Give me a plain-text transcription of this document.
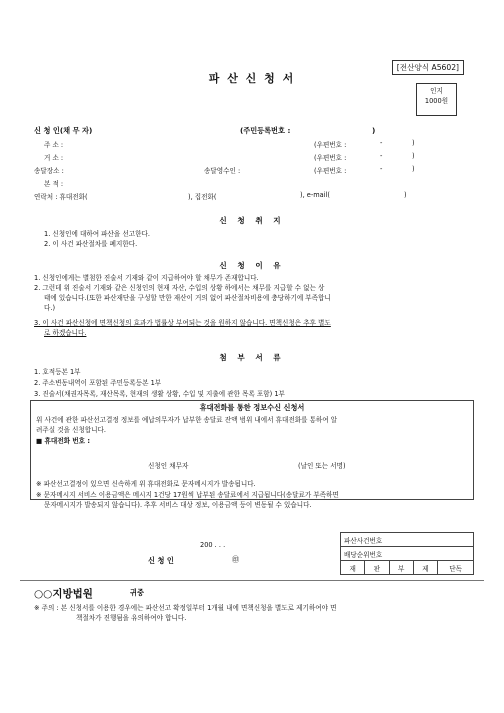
[전산양식 A5602]
파 산 신 청 서
인지
1000원
신 청 인(채 무 자)	(주민등록번호 :	)
주 소 :	(우편번호 :	-	)
거 소 :	(우편번호 :	-	)
송달장소 :	송달영수인 :	(우편번호 :	-	)
본 적 :
연락처 : 휴대전화(	), 집전화(	), e-mail(	)
신 청 취 지
1. 신청인에 대하여 파산을 선고한다.
2. 이 사건 파산절차를 폐지한다.
신 청 이 유
1. 신청인에게는 별첨한 진술서 기재와 같이 지급하여야 할 채무가 존재합니다.
2. 그런데 위 진술서 기재와 같은 신청인의 현재 자산, 수입의 상황 하에서는 채무를 지급할 수 없는 상
태에 있습니다.(또한 파산재단을 구성할 만한 재산이 거의 없어 파산절차비용에 충당하기에 부족합니
다.)
3. 이 사건 파산신청에 면책신청의 효과가 법률상 부여되는 것을 원하지 않습니다. 면책신청은 추후 별도
로 하겠습니다.
첨 부 서 류
1. 호적등본 1부
2. 주소변동내역이 포함된 주민등록등본 1부
3. 진술서(채권자목록, 재산목록, 현재의 생활 상황, 수입 및 지출에 관한 목록 포함) 1부
휴대전화를 통한 정보수신 신청서
위 사건에 관한 파산선고결정 정보를 예납의무자가 납부한 송달료 잔액 범위 내에서 휴대전화를 통하여 알
려주실 것을 신청합니다.
■ 휴대전화 번호 :
신청인 채무자	(날인 또는 서명)
※ 파산선고결정이 있으면 신속하게 위 휴대전화로 문자메시지가 발송됩니다.
※ 문자메시지 서비스 이용금액은 메시지 1건당 17원씩 납부된 송달료에서 지급됩니다(송달료가 부족하면
문자메시지가 발송되지 않습니다). 추후 서비스 대상 정보, 이용금액 등이 변동될 수 있습니다.
200 . . .
신 청 인	㊞
파산사건번호
배당순위번호
재	판	부	제	단독
○○지방법원	귀중
※ 주의 : 본 신청서를 이용한 경우에는 파산선고 확정일부터 1개월 내에 면책신청을 별도로 제기하여야 면
책절차가 진행됨을 유의하여야 합니다.
